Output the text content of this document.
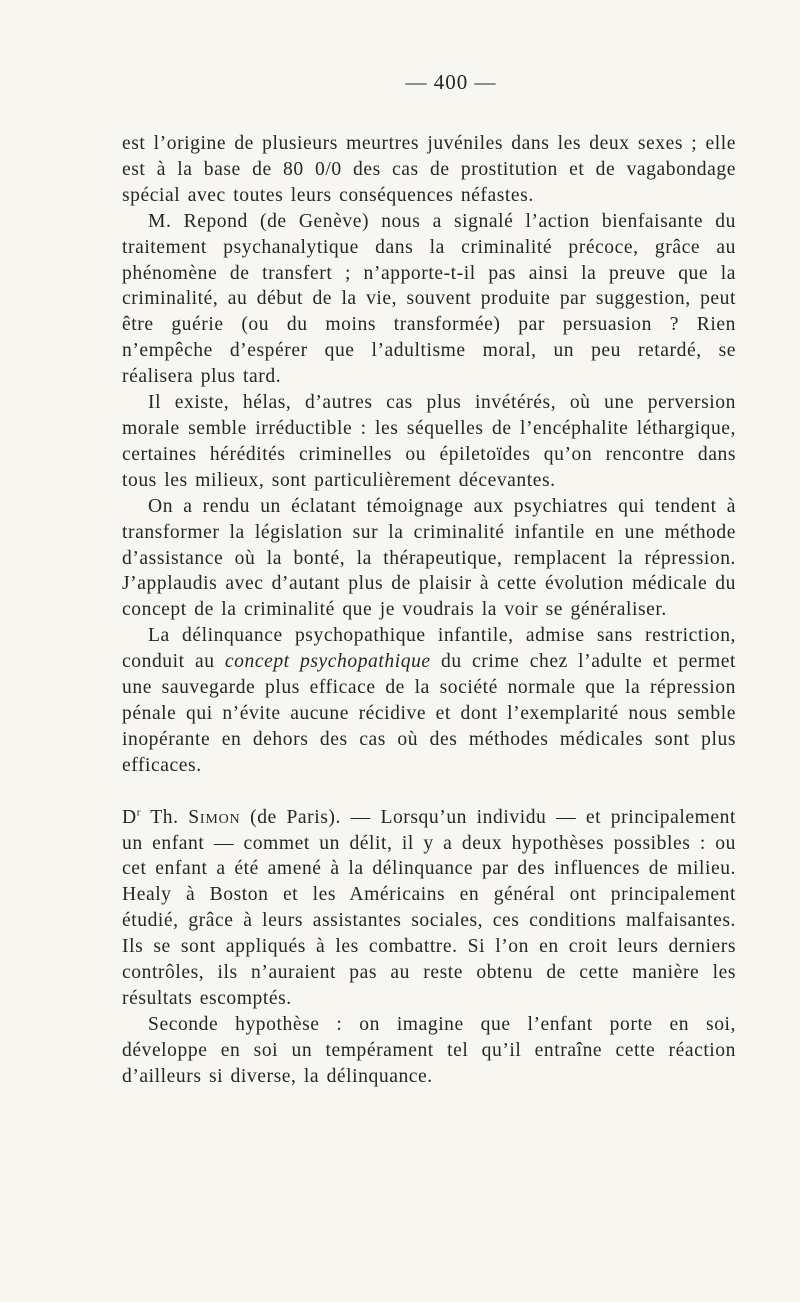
— 400 —

est l’origine de plusieurs meurtres juvéniles dans les deux sexes ; elle est à la base de 80 0/0 des cas de prostitution et de vagabondage spécial avec toutes leurs conséquences néfastes.

M. Repond (de Genève) nous a signalé l’action bienfaisante du traitement psychanalytique dans la criminalité précoce, grâce au phénomène de transfert ; n’apporte-t-il pas ainsi la preuve que la criminalité, au début de la vie, souvent produite par suggestion, peut être guérie (ou du moins transformée) par persuasion ? Rien n’empêche d’espérer que l’adultisme moral, un peu retardé, se réalisera plus tard.

Il existe, hélas, d’autres cas plus invétérés, où une perversion morale semble irréductible : les séquelles de l’encéphalite léthargique, certaines hérédités criminelles ou épiletoïdes qu’on rencontre dans tous les milieux, sont particulièrement décevantes.

On a rendu un éclatant témoignage aux psychiatres qui tendent à transformer la législation sur la criminalité infantile en une méthode d’assistance où la bonté, la thérapeutique, remplacent la répression. J’applaudis avec d’autant plus de plaisir à cette évolution médicale du concept de la criminalité que je voudrais la voir se généraliser.

La délinquance psychopathique infantile, admise sans restriction, conduit au concept psychopathique du crime chez l’adulte et permet une sauvegarde plus efficace de la société normale que la répression pénale qui n’évite aucune récidive et dont l’exemplarité nous semble inopérante en dehors des cas où des méthodes médicales sont plus efficaces.

$D^r$ Th. Simon (de Paris). — Lorsqu’un individu — et principalement un enfant — commet un délit, il y a deux hypothèses possibles : ou cet enfant a été amené à la délinquance par des influences de milieu. Healy à Boston et les Américains en général ont principalement étudié, grâce à leurs assistantes sociales, ces conditions malfaisantes. Ils se sont appliqués à les combattre. Si l’on en croit leurs derniers contrôles, ils n’auraient pas au reste obtenu de cette manière les résultats escomptés.

Seconde hypothèse : on imagine que l’enfant porte en soi, développe en soi un tempérament tel qu’il entraîne cette réaction d’ailleurs si diverse, la délinquance.
